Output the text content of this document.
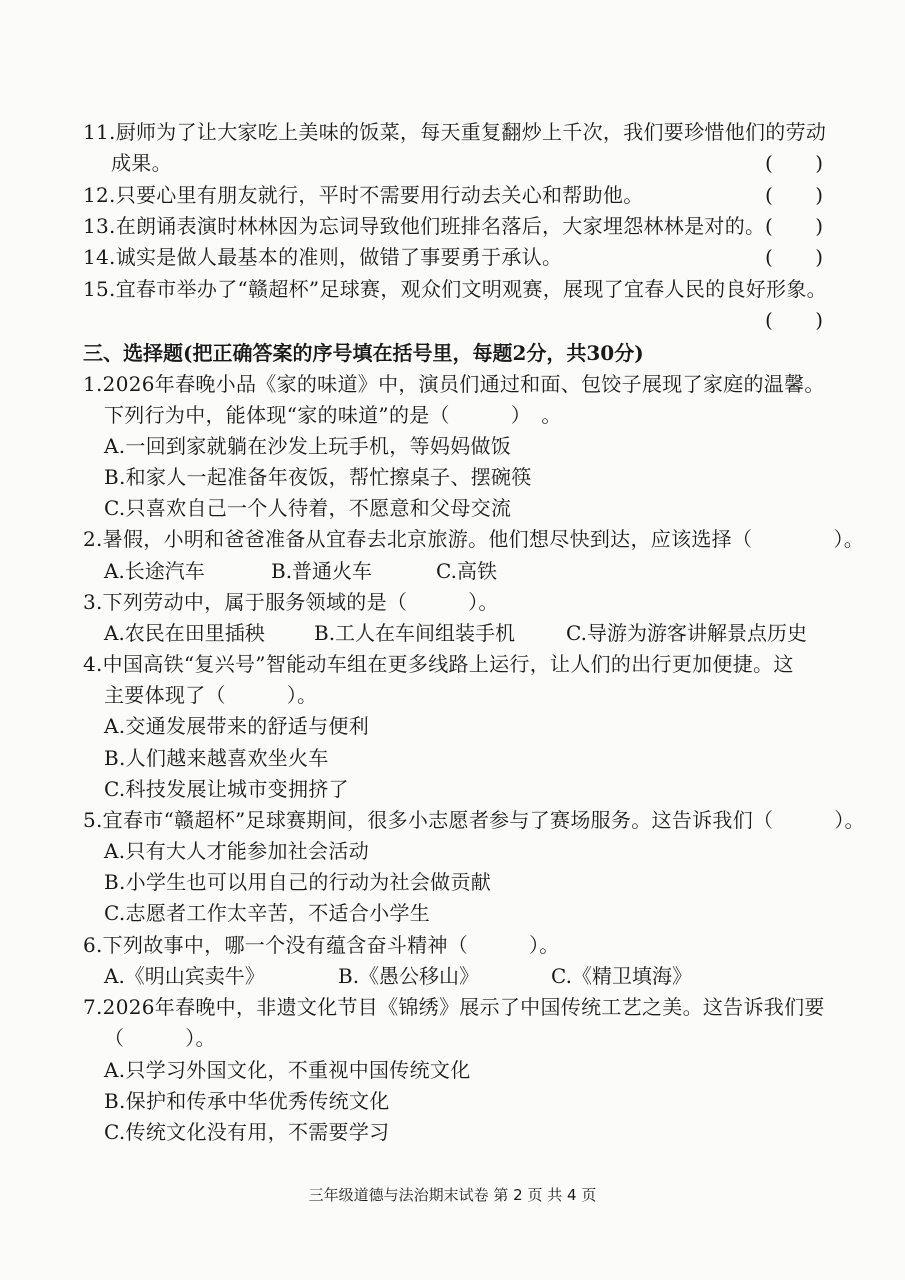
11.厨师为了让大家吃上美味的饭菜，每天重复翻炒上千次，我们要珍惜他们的劳动
成果。	( )
12.只要心里有朋友就行，平时不需要用行动去关心和帮助他。	( )
13.在朗诵表演时林林因为忘词导致他们班排名落后，大家埋怨林林是对的。 ( )
14.诚实是做人最基本的准则，做错了事要勇于承认。	( )
15.宜春市举办了“赣超杯”足球赛，观众们文明观赛，展现了宜春人民的良好形象。
( )
三、选择题(把正确答案的序号填在括号里，每题2分，共30分)
1.2026年春晚小品《家的味道》中，演员们通过和面、包饺子展现了家庭的温馨。
下列行为中，能体现“家的味道”的是（　　　）　。
A.一回到家就躺在沙发上玩手机，等妈妈做饭
B.和家人一起准备年夜饭，帮忙擦桌子、摆碗筷
C.只喜欢自己一个人待着，不愿意和父母交流
2.暑假，小明和爸爸准备从宜春去北京旅游。他们想尽快到达，应该选择（　　　　）。
A.长途汽车	B.普通火车	C.高铁
3.下列劳动中，属于服务领域的是（　　　）。
A.农民在田里插秧 B.工人在车间组装手机	C.导游为游客讲解景点历史
4.中国高铁“复兴号”智能动车组在更多线路上运行，让人们的出行更加便捷。这
主要体现了（　　　）。
A.交通发展带来的舒适与便利
B.人们越来越喜欢坐火车
C.科技发展让城市变拥挤了
5.宜春市“赣超杯”足球赛期间，很多小志愿者参与了赛场服务。这告诉我们（　　　）。
A.只有大人才能参加社会活动
B.小学生也可以用自己的行动为社会做贡献
C.志愿者工作太辛苦，不适合小学生
6.下列故事中，哪一个没有蕴含奋斗精神（　　　）。
A.《明山宾卖牛》	B.《愚公移山》	C.《精卫填海》
7.2026年春晚中，非遗文化节目《锦绣》展示了中国传统工艺之美。这告诉我们要
（　　　）。
A.只学习外国文化，不重视中国传统文化
B.保护和传承中华优秀传统文化
C.传统文化没有用，不需要学习
三年级道德与法治期末试卷 第 2 页 共 4 页
